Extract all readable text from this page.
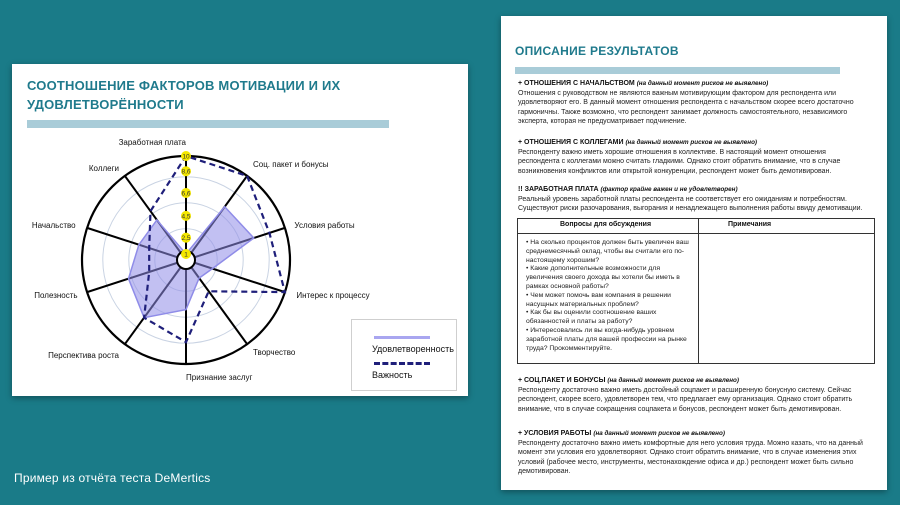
СООТНОШЕНИЕ ФАКТОРОВ МОТИВАЦИИ И ИХ УДОВЛЕТВОРЁННОСТИ
1
2,5
4,5
6,6
8,6
10
Соц. пакет и бонусы
Условия работы
Интерес к процессу
Творчество
Признание заслуг
Перспектива роста
Полезность
Начальство
Коллеги
Заработная плата
Удовлетворенность
Важность
ОПИСАНИЕ РЕЗУЛЬТАТОВ
+ ОТНОШЕНИЯ С НАЧАЛЬСТВОМ (на данный момент рисков не выявлено)
Отношения с руководством не являются важным мотивирующим фактором для респондента или удовлетворяют его. В данный момент отношения респондента с начальством скорее всего достаточно гармоничны. Также возможно, что респондент занимает должность самостоятельного, независимого эксперта, которая не предусматривает подчинение.
+ ОТНОШЕНИЯ С КОЛЛЕГАМИ (на данный момент риcков не выявлено)
Респонденту важно иметь хорошие отношения в коллективе. В настоящий момент отношения респондента с коллегами можно считать гладкими. Однако стоит обратить внимание, что в случае возникновения конфликтов или открытой конкуренции, респондент может быть демотивирован.
!! ЗАРАБОТНАЯ ПЛАТА (фактор крайне важен и не удовлетворен)
Реальный уровень заработной платы респондента не соответствует его ожиданиям и потребностям. Существуют риски разочарования, выгорания и ненадлежащего выполнения работы ввиду демотивации.
Вопросы для обсуждения	Примечания
• На сколько процентов должен быть увеличен ваш среднемесячный оклад, чтобы вы считали его по-настоящему хорошим?
• Какие дополнительные возможности для увеличения своего дохода вы хотели бы иметь в рамках основной работы?
• Чем может помочь вам компания в решении насущных материальных проблем?
• Как бы вы оценили соотношение ваших обязанностей и платы за работу?
• Интересовались ли вы когда-нибудь уровнем заработной платы для вашей профессии на рынке труда? Прокомментируйте.
+ СОЦ.ПАКЕТ И БОНУСЫ (на данный момент рисков не выявлено)
Респонденту достаточно важно иметь достойный соцпакет и расширенную бонусную систему. Сейчас респондент, скорее всего, удовлетворен тем, что предлагает ему организация. Однако стоит обратить внимание, что в случае сокращения соцпакета и бонусов, респондент может быть демотивирован.
+ УСЛОВИЯ РАБОТЫ (на данный момент рисков не выявлено)
Респонденту достаточно важно иметь комфортные для него условия труда. Можно казать, что на данный момент эти условия его удовлетворяют. Однако стоит обратить внимание, что в случае изменения этих условий (рабочее место, инструменты, местонахождение офиса и др.) респондент может быть сильно демотивирован.
Пример из отчёта теста DeMertics
